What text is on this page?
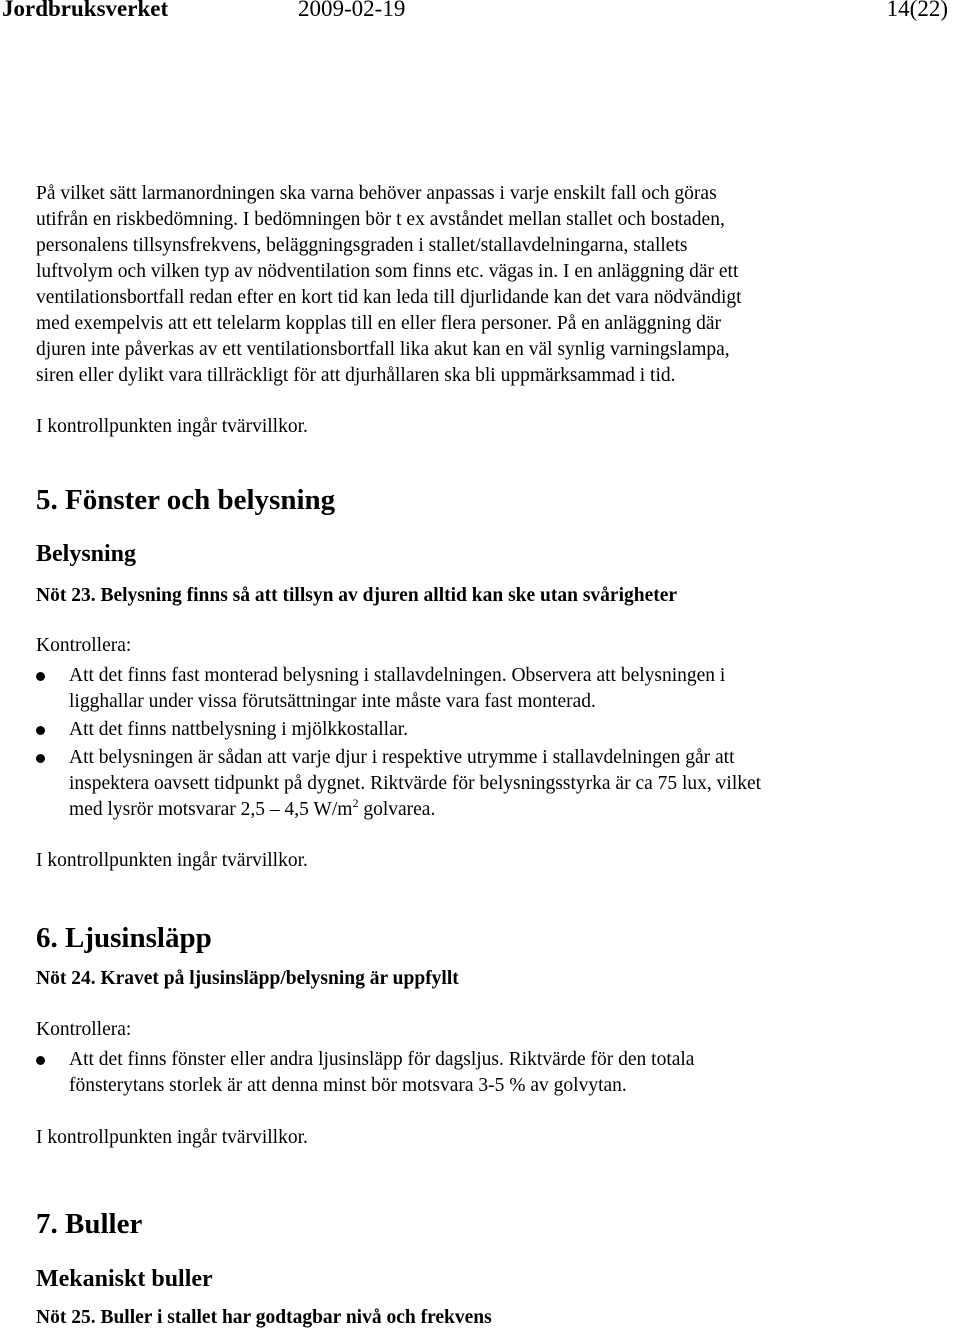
Jordbruksverket	2009-02-19	14(22)
På vilket sätt larmanordningen ska varna behöver anpassas i varje enskilt fall och göras
utifrån en riskbedömning. I bedömningen bör t ex avståndet mellan stallet och bostaden,
personalens tillsynsfrekvens, beläggningsgraden i stallet/stallavdelningarna, stallets
luftvolym och vilken typ av nödventilation som finns etc. vägas in. I en anläggning där ett
ventilationsbortfall redan efter en kort tid kan leda till djurlidande kan det vara nödvändigt
med exempelvis att ett telelarm kopplas till en eller flera personer. På en anläggning där
djuren inte påverkas av ett ventilationsbortfall lika akut kan en väl synlig varningslampa,
siren eller dylikt vara tillräckligt för att djurhållaren ska bli uppmärksammad i tid.
I kontrollpunkten ingår tvärvillkor.
5. Fönster och belysning
Belysning
Nöt 23. Belysning finns så att tillsyn av djuren alltid kan ske utan svårigheter
Kontrollera:
Att det finns fast monterad belysning i stallavdelningen. Observera att belysningen i
ligghallar under vissa förutsättningar inte måste vara fast monterad.
Att det finns nattbelysning i mjölkkostallar.
Att belysningen är sådan att varje djur i respektive utrymme i stallavdelningen går att
inspektera oavsett tidpunkt på dygnet. Riktvärde för belysningsstyrka är ca 75 lux, vilket
med lysrör motsvarar 2,5 – 4,5 $W/m^2$ golvarea.
I kontrollpunkten ingår tvärvillkor.
6. Ljusinsläpp
Nöt 24. Kravet på ljusinsläpp/belysning är uppfyllt
Kontrollera:
Att det finns fönster eller andra ljusinsläpp för dagsljus. Riktvärde för den totala
fönsterytans storlek är att denna minst bör motsvara 3-5 % av golvytan.
I kontrollpunkten ingår tvärvillkor.
7. Buller
Mekaniskt buller
Nöt 25. Buller i stallet har godtagbar nivå och frekvens
